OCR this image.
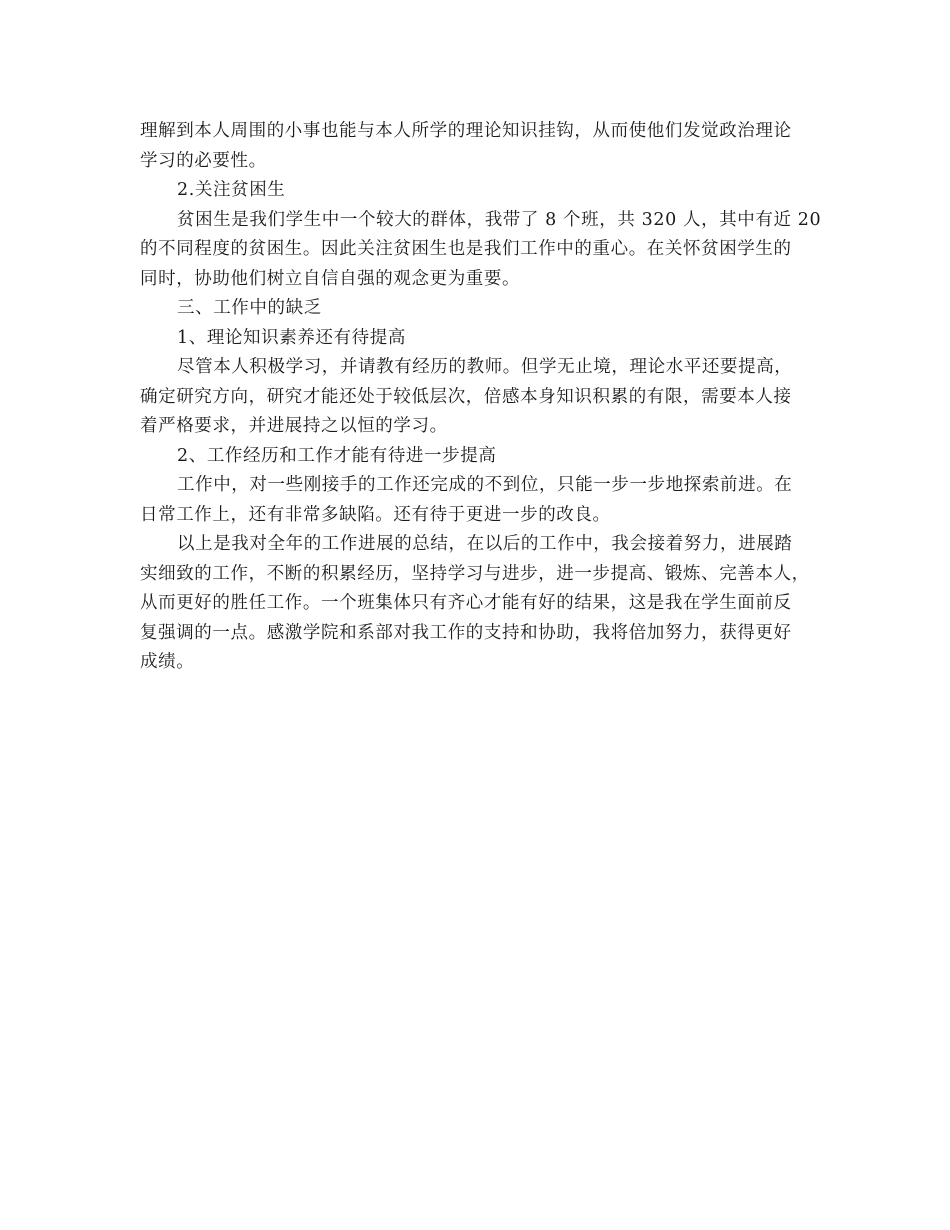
理解到本人周围的小事也能与本人所学的理论知识挂钩，从而使他们发觉政治理论
学习的必要性。
2.关注贫困生
贫困生是我们学生中一个较大的群体，我带了 8 个班，共 320 人，其中有近 20
的不同程度的贫困生。因此关注贫困生也是我们工作中的重心。在关怀贫困学生的
同时，协助他们树立自信自强的观念更为重要。
三、工作中的缺乏
1、理论知识素养还有待提高
尽管本人积极学习，并请教有经历的教师。但学无止境，理论水平还要提高，
确定研究方向，研究才能还处于较低层次，倍感本身知识积累的有限，需要本人接
着严格要求，并进展持之以恒的学习。
2、工作经历和工作才能有待进一步提高
工作中，对一些刚接手的工作还完成的不到位，只能一步一步地探索前进。在
日常工作上，还有非常多缺陷。还有待于更进一步的改良。
以上是我对全年的工作进展的总结，在以后的工作中，我会接着努力，进展踏
实细致的工作，不断的积累经历，坚持学习与进步，进一步提高、锻炼、完善本人，
从而更好的胜任工作。一个班集体只有齐心才能有好的结果，这是我在学生面前反
复强调的一点。感激学院和系部对我工作的支持和协助，我将倍加努力，获得更好
成绩。
